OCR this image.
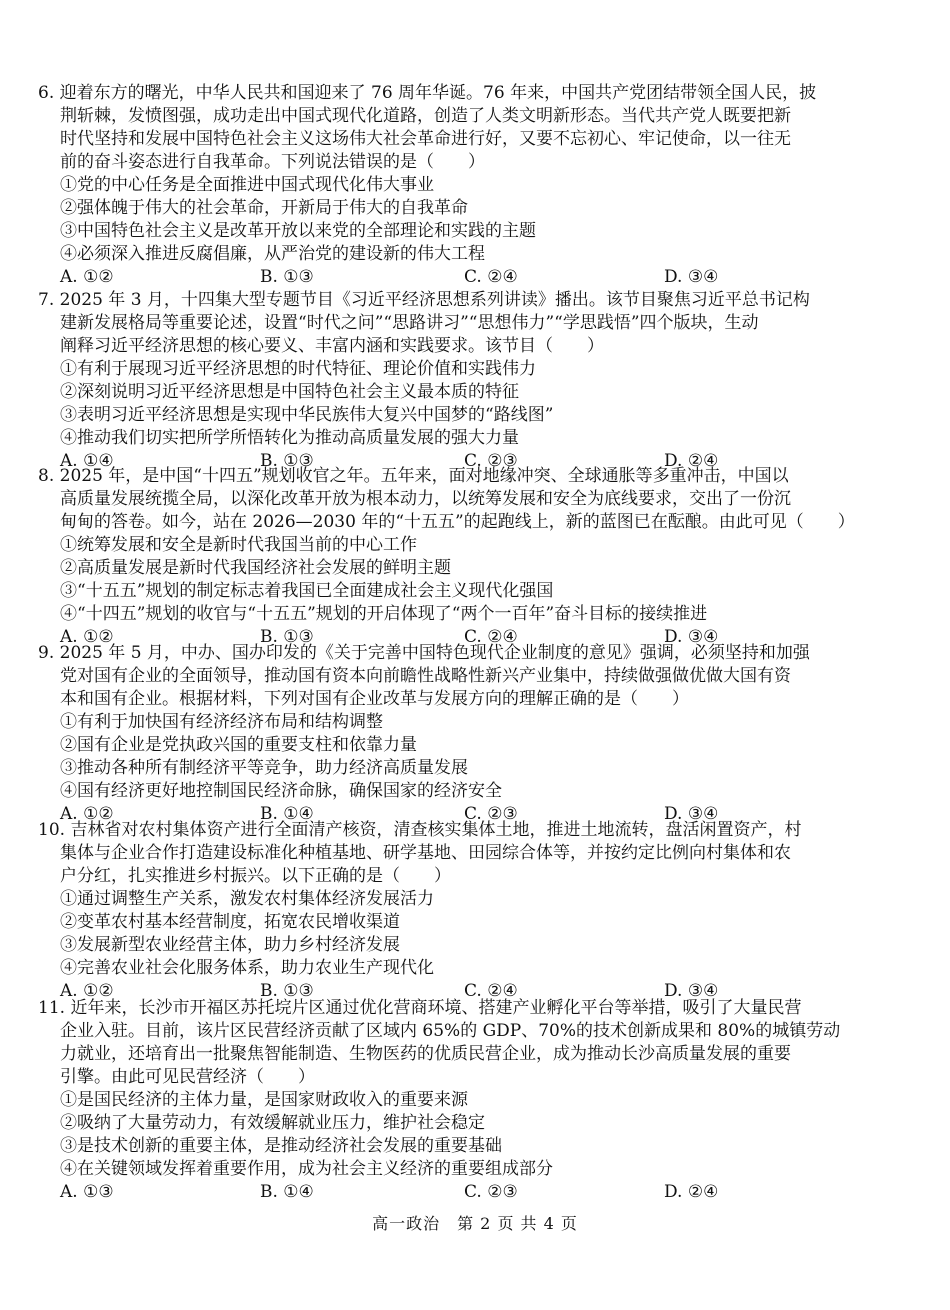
6. 迎着东方的曙光，中华人民共和国迎来了 76 周年华诞。76 年来，中国共产党团结带领全国人民，披
荆斩棘，发愤图强，成功走出中国式现代化道路，创造了人类文明新形态。当代共产党人既要把新
时代坚持和发展中国特色社会主义这场伟大社会革命进行好，又要不忘初心、牢记使命，以一往无
前的奋斗姿态进行自我革命。下列说法错误的是（　　）
①党的中心任务是全面推进中国式现代化伟大事业
②强体魄于伟大的社会革命，开新局于伟大的自我革命
③中国特色社会主义是改革开放以来党的全部理论和实践的主题
④必须深入推进反腐倡廉，从严治党的建设新的伟大工程
A. ①②	B. ①③	C. ②④	D. ③④
7. 2025 年 3 月，十四集大型专题节目《习近平经济思想系列讲读》播出。该节目聚焦习近平总书记构
建新发展格局等重要论述，设置“时代之问”“思路讲习”“思想伟力”“学思践悟”四个版块，生动
阐释习近平经济思想的核心要义、丰富内涵和实践要求。该节目（　　）
①有利于展现习近平经济思想的时代特征、理论价值和实践伟力
②深刻说明习近平经济思想是中国特色社会主义最本质的特征
③表明习近平经济思想是实现中华民族伟大复兴中国梦的“路线图”
④推动我们切实把所学所悟转化为推动高质量发展的强大力量
A. ①④	B. ①③	C. ②③	D. ②④
8. 2025 年，是中国“十四五”规划收官之年。五年来，面对地缘冲突、全球通胀等多重冲击，中国以
高质量发展统揽全局，以深化改革开放为根本动力，以统筹发展和安全为底线要求，交出了一份沉
甸甸的答卷。如今，站在 2026—2030 年的“十五五”的起跑线上，新的蓝图已在酝酿。由此可见（　　）
①统筹发展和安全是新时代我国当前的中心工作
②高质量发展是新时代我国经济社会发展的鲜明主题
③“十五五”规划的制定标志着我国已全面建成社会主义现代化强国
④“十四五”规划的收官与“十五五”规划的开启体现了“两个一百年”奋斗目标的接续推进
A. ①②	B. ①③	C. ②④	D. ③④
9. 2025 年 5 月，中办、国办印发的《关于完善中国特色现代企业制度的意见》强调，必须坚持和加强
党对国有企业的全面领导，推动国有资本向前瞻性战略性新兴产业集中，持续做强做优做大国有资
本和国有企业。根据材料，下列对国有企业改革与发展方向的理解正确的是（　　）
①有利于加快国有经济经济布局和结构调整
②国有企业是党执政兴国的重要支柱和依靠力量
③推动各种所有制经济平等竞争，助力经济高质量发展
④国有经济更好地控制国民经济命脉，确保国家的经济安全
A. ①②	B. ①④	C. ②③	D. ③④
10. 吉林省对农村集体资产进行全面清产核资，清查核实集体土地，推进土地流转，盘活闲置资产，村
集体与企业合作打造建设标准化种植基地、研学基地、田园综合体等，并按约定比例向村集体和农
户分红，扎实推进乡村振兴。以下正确的是（　　）
①通过调整生产关系，激发农村集体经济发展活力
②变革农村基本经营制度，拓宽农民增收渠道
③发展新型农业经营主体，助力乡村经济发展
④完善农业社会化服务体系，助力农业生产现代化
A. ①②	B. ①③	C. ②④	D. ③④
11. 近年来，长沙市开福区苏托垸片区通过优化营商环境、搭建产业孵化平台等举措，吸引了大量民营
企业入驻。目前，该片区民营经济贡献了区域内 65%的 GDP、70%的技术创新成果和 80%的城镇劳动
力就业，还培育出一批聚焦智能制造、生物医药的优质民营企业，成为推动长沙高质量发展的重要
引擎。由此可见民营经济（　　）
①是国民经济的主体力量，是国家财政收入的重要来源
②吸纳了大量劳动力，有效缓解就业压力，维护社会稳定
③是技术创新的重要主体，是推动经济社会发展的重要基础
④在关键领域发挥着重要作用，成为社会主义经济的重要组成部分
A. ①③	B. ①④	C. ②③	D. ②④
高一政治　第 2 页 共 4 页
